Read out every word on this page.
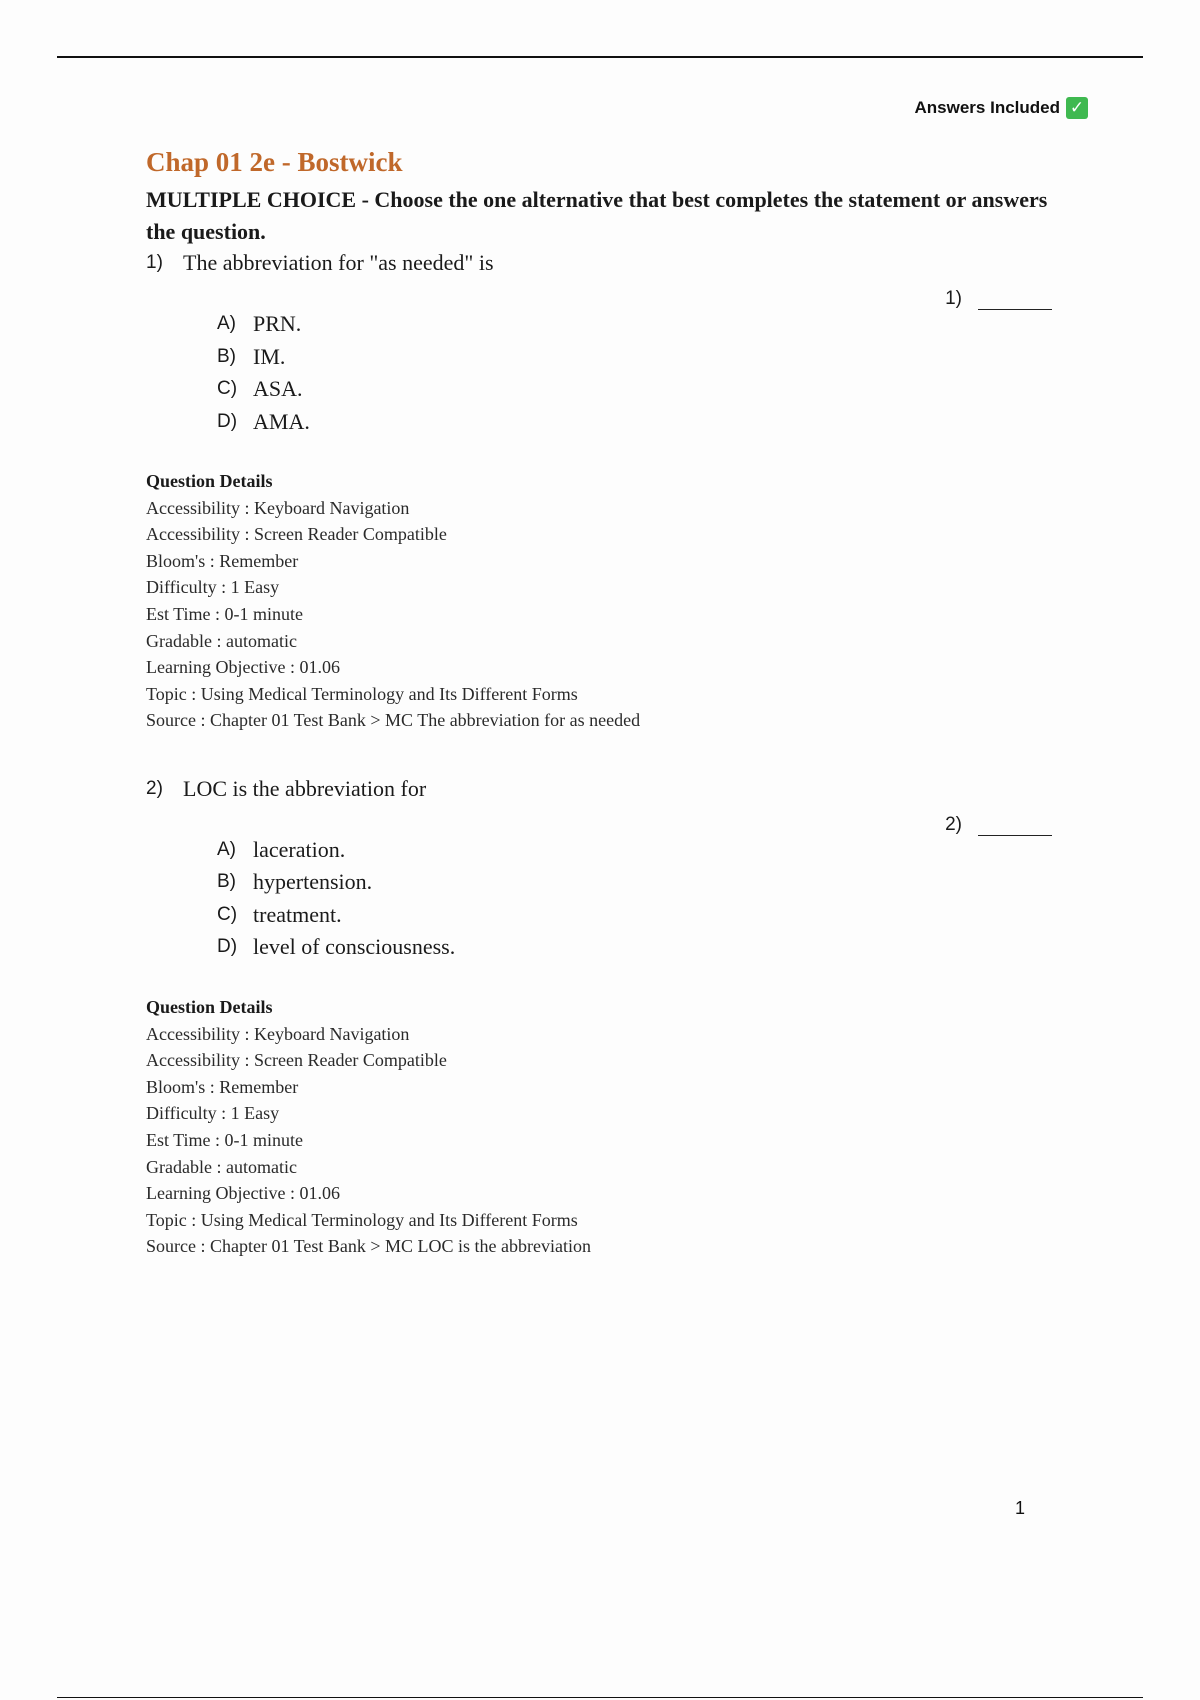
Answers Included ✓
Chap 01 2e - Bostwick

MULTIPLE CHOICE - Choose the one alternative that best completes the statement or answers the question.

1) The abbreviation for "as needed" is
1)
A) PRN.
B) IM.
C) ASA.
D) AMA.
Question Details
Accessibility : Keyboard Navigation
Accessibility : Screen Reader Compatible
Bloom's : Remember
Difficulty : 1 Easy
Est Time : 0-1 minute
Gradable : automatic
Learning Objective : 01.06
Topic : Using Medical Terminology and Its Different Forms
Source : Chapter 01 Test Bank > MC The abbreviation for as needed
2) LOC is the abbreviation for
2)
A) laceration.
B) hypertension.
C) treatment.
D) level of consciousness.
Question Details
Accessibility : Keyboard Navigation
Accessibility : Screen Reader Compatible
Bloom's : Remember
Difficulty : 1 Easy
Est Time : 0-1 minute
Gradable : automatic
Learning Objective : 01.06
Topic : Using Medical Terminology and Its Different Forms
Source : Chapter 01 Test Bank > MC LOC is the abbreviation
1
